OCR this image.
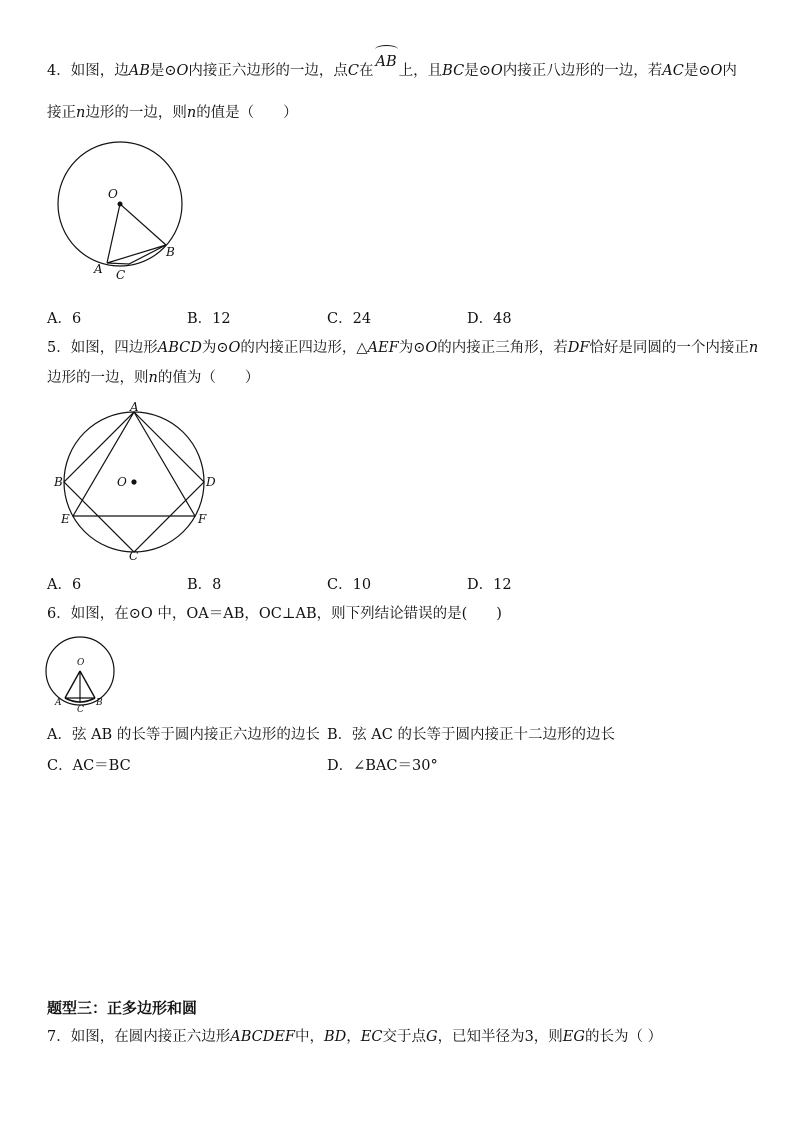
4．如图，边AB是⊙O内接正六边形的一边，点C在AB上，且BC是⊙O内接正八边形的一边，若AC是⊙O内
接正n边形的一边，则n的值是（　　）
O
A C
B
A．6	B．12	C．24	D．48
5．如图，四边形ABCD为⊙O的内接正四边形，△AEF为⊙O的内接正三角形，若DF恰好是同圆的一个内接正n
边形的一边，则n的值为（　　）
A
B	O	D
E	F
C
A．6	B．8	C．10	D．12
6．如图，在⊙O 中，OA＝AB，OC⊥AB，则下列结论错误的是(　　)
O
A
C
B
A．弦 AB 的长等于圆内接正六边形的边长 B．弦 AC 的长等于圆内接正十二边形的边长
C．AC＝BC	D．∠BAC＝30°
题型三：正多边形和圆
7．如图，在圆内接正六边形ABCDEF中，BD，EC交于点G，已知半径为3，则EG的长为（ ）
